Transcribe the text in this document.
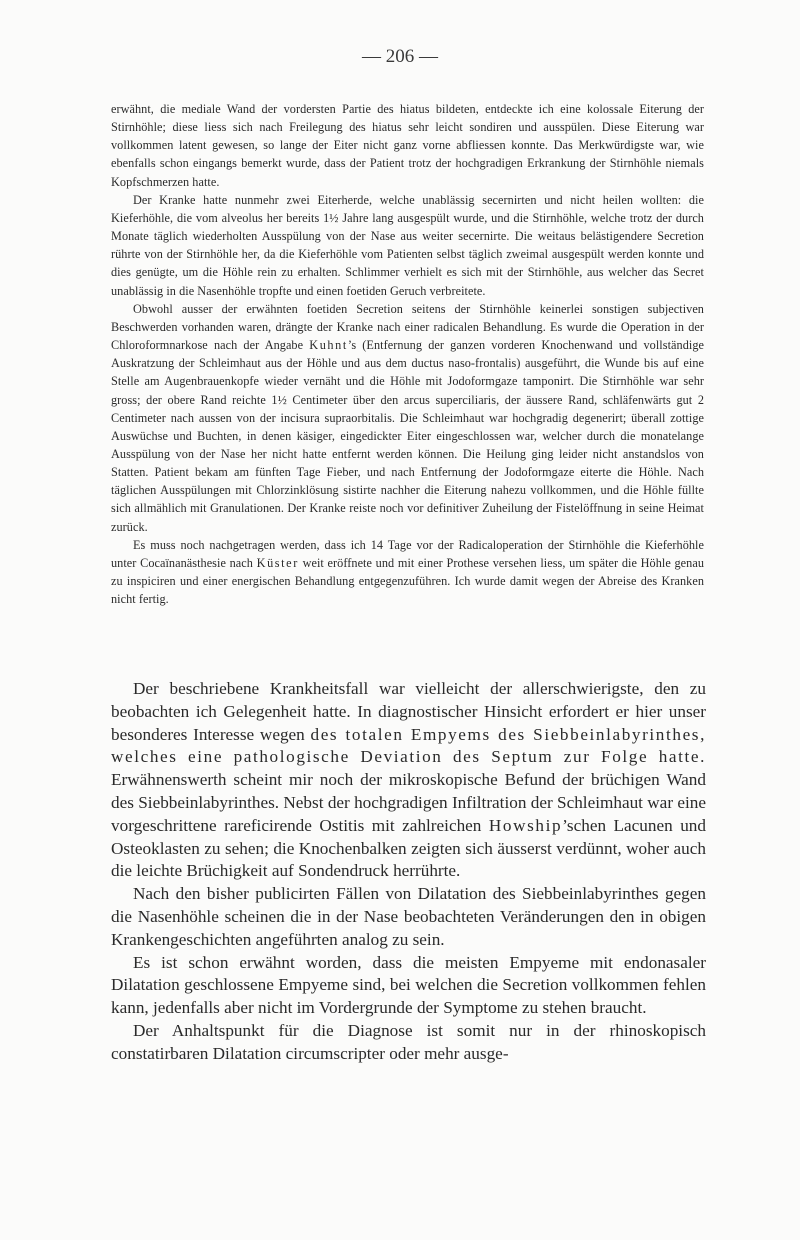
— 206 —

erwähnt, die mediale Wand der vordersten Partie des hiatus bildeten, entdeckte ich eine kolossale Eiterung der Stirnhöhle; diese liess sich nach Freilegung des hiatus sehr leicht sondiren und ausspülen. Diese Eiterung war vollkommen latent gewesen, so lange der Eiter nicht ganz vorne abfliessen konnte. Das Merkwürdigste war, wie ebenfalls schon eingangs bemerkt wurde, dass der Patient trotz der hochgradigen Erkrankung der Stirnhöhle niemals Kopfschmerzen hatte.

Der Kranke hatte nunmehr zwei Eiterherde, welche unablässig secernirten und nicht heilen wollten: die Kieferhöhle, die vom alveolus her bereits 1½ Jahre lang ausgespült wurde, und die Stirnhöhle, welche trotz der durch Monate täglich wiederholten Ausspülung von der Nase aus weiter secernirte. Die weitaus belästigendere Secretion rührte von der Stirnhöhle her, da die Kieferhöhle vom Patienten selbst täglich zweimal ausgespült werden konnte und dies genügte, um die Höhle rein zu erhalten. Schlimmer verhielt es sich mit der Stirnhöhle, aus welcher das Secret unablässig in die Nasenhöhle tropfte und einen foetiden Geruch verbreitete.

Obwohl ausser der erwähnten foetiden Secretion seitens der Stirnhöhle keinerlei sonstigen subjectiven Beschwerden vorhanden waren, drängte der Kranke nach einer radicalen Behandlung. Es wurde die Operation in der Chloroformnarkose nach der Angabe Kuhnt’s (Entfernung der ganzen vorderen Knochenwand und vollständige Auskratzung der Schleimhaut aus der Höhle und aus dem ductus naso-frontalis) ausgeführt, die Wunde bis auf eine Stelle am Augenbrauenkopfe wieder vernäht und die Höhle mit Jodoformgaze tamponirt. Die Stirnhöhle war sehr gross; der obere Rand reichte 1½ Centimeter über den arcus superciliaris, der äussere Rand, schläfenwärts gut 2 Centimeter nach aussen von der incisura supraorbitalis. Die Schleimhaut war hochgradig degenerirt; überall zottige Auswüchse und Buchten, in denen käsiger, eingedickter Eiter eingeschlossen war, welcher durch die monatelange Ausspülung von der Nase her nicht hatte entfernt werden können. Die Heilung ging leider nicht anstandslos von Statten. Patient bekam am fünften Tage Fieber, und nach Entfernung der Jodoformgaze eiterte die Höhle. Nach täglichen Ausspülungen mit Chlorzinklösung sistirte nachher die Eiterung nahezu vollkommen, und die Höhle füllte sich allmählich mit Granulationen. Der Kranke reiste noch vor definitiver Zuheilung der Fistelöffnung in seine Heimat zurück.

Es muss noch nachgetragen werden, dass ich 14 Tage vor der Radicaloperation der Stirnhöhle die Kieferhöhle unter Cocaïnanästhesie nach Küster weit eröffnete und mit einer Prothese versehen liess, um später die Höhle genau zu inspiciren und einer energischen Behandlung entgegenzuführen. Ich wurde damit wegen der Abreise des Kranken nicht fertig.

Der beschriebene Krankheitsfall war vielleicht der allerschwierigste, den zu beobachten ich Gelegenheit hatte. In diagnostischer Hinsicht erfordert er hier unser besonderes Interesse wegen des totalen Empyems des Siebbeinlabyrinthes, welches eine pathologische Deviation des Septum zur Folge hatte. Erwähnenswerth scheint mir noch der mikroskopische Befund der brüchigen Wand des Siebbeinlabyrinthes. Nebst der hochgradigen Infiltration der Schleimhaut war eine vorgeschrittene rareficirende Ostitis mit zahlreichen Howship’schen Lacunen und Osteoklasten zu sehen; die Knochenbalken zeigten sich äusserst verdünnt, woher auch die leichte Brüchigkeit auf Sondendruck herrührte.

Nach den bisher publicirten Fällen von Dilatation des Siebbeinlabyrinthes gegen die Nasenhöhle scheinen die in der Nase beobachteten Veränderungen den in obigen Krankengeschichten angeführten analog zu sein.

Es ist schon erwähnt worden, dass die meisten Empyeme mit endonasaler Dilatation geschlossene Empyeme sind, bei welchen die Secretion vollkommen fehlen kann, jedenfalls aber nicht im Vordergrunde der Symptome zu stehen braucht.

Der Anhaltspunkt für die Diagnose ist somit nur in der rhinoskopisch constatirbaren Dilatation circumscripter oder mehr ausge-
